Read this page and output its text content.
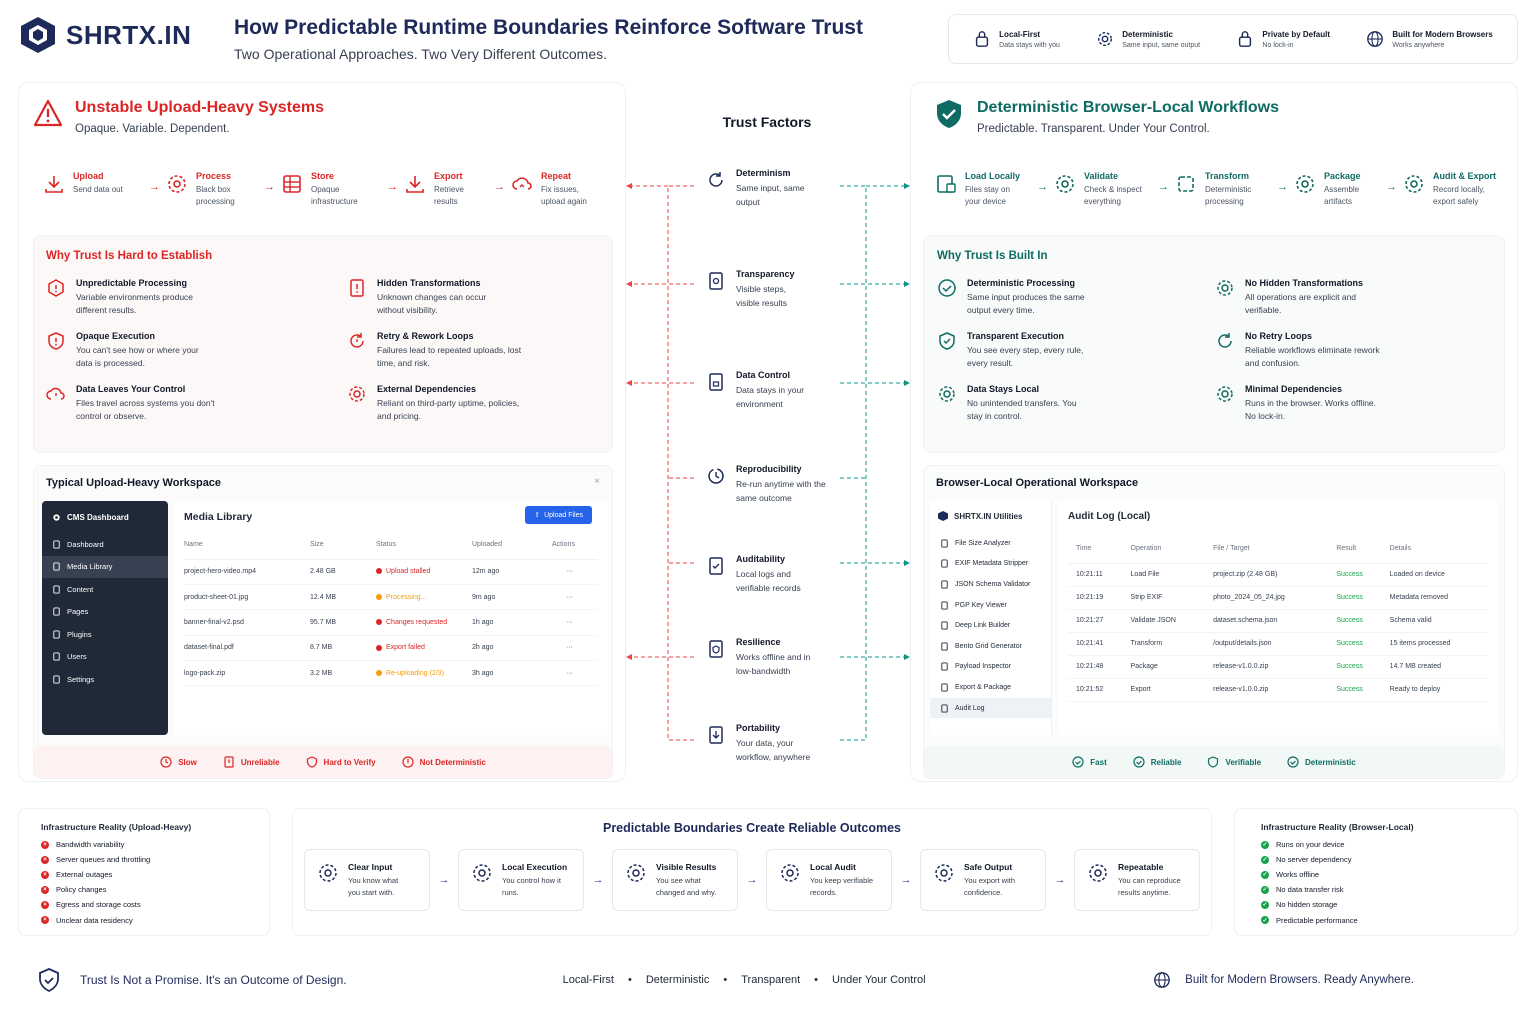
SHRTX.IN How Predictable Runtime Boundaries Reinforce Software Trust
Two Operational Approaches. Two Very Different Outcomes.
Local-First
Data stays with you
Deterministic
Same input, same output
Private by Default
No lock-in
Built for Modern Browsers
Works anywhere
Unstable Upload-Heavy Systems
Opaque. Variable. Dependent.
Upload
Send data out →
Process
Black box processing
→
Store
Opaque infrastructure
→
Export
Retrieve results
→
Repeat
Fix issues, upload again
Why Trust Is Hard to Establish
Unpredictable Processing
Variable environments produce different results.
Hidden Transformations
Unknown changes can occur without visibility.
Opaque Execution
You can't see how or where your data is processed.
Retry & Rework Loops
Failures lead to repeated uploads, lost time, and risk.
Data Leaves Your Control
Files travel across systems you don't control or observe.
External Dependencies
Reliant on third-party uptime, policies, and pricing.
Typical Upload-Heavy Workspace	×
CMS Dashboard
Dashboard
Media Library
Content
Pages
Plugins
Users
Settings
Media Library	⇪ Upload Files
Name	Size	Status	Uploaded	Actions
project-hero-video.mp4	2.48 GB	Upload stalled	12m ago	···
product-sheet-01.jpg	12.4 MB	Processing...	9m ago	···
banner-final-v2.psd	95.7 MB	Changes requested	1h ago	···
dataset-final.pdf	8.7 MB	Export failed	2h ago	···
logo-pack.zip	3.2 MB	Re-uploading (2/3)	3h ago	···
Slow	Unreliable	Hard to Verify	Not Deterministic
Trust Factors
Determinism
Same input, same output
Transparency
Visible steps, visible results
Data Control
Data stays in your environment
Reproducibility
Re-run anytime with the same outcome
Auditability
Local logs and verifiable records
Resilience
Works offline and in low-bandwidth
Portability
Your data, your workflow, anywhere
Deterministic Browser-Local Workflows
Predictable. Transparent. Under Your Control.
Load Locally
Files stay on your device
→
Validate
Check & inspect everything
→
Transform
Deterministic processing
→
Package
Assemble artifacts
→
Audit & Export
Record locally, export safely
Why Trust Is Built In
Deterministic Processing
Same input produces the same output every time.
No Hidden Transformations
All operations are explicit and verifiable.
Transparent Execution
You see every step, every rule, every result.
No Retry Loops
Reliable workflows eliminate rework and confusion.
Data Stays Local
No unintended transfers. You stay in control.
Minimal Dependencies
Runs in the browser. Works offline. No lock-in.
Browser-Local Operational Workspace
SHRTX.IN Utilities
File Size Analyzer
EXIF Metadata Stripper
JSON Schema Validator
PGP Key Viewer
Deep Link Builder
Bento Grid Generator
Payload Inspector
Export & Package
Audit Log
Audit Log (Local)
Time	Operation	File / Target	Result	Details
10:21:11	Load File	project.zip (2.48 GB)	Success	Loaded on device
10:21:19	Strip EXIF	photo_2024_05_24.jpg	Success	Metadata removed
10:21:27	Validate JSON	dataset.schema.json	Success	Schema valid
10:21:41	Transform	/output/details.json	Success	15 items processed
10:21:48	Package	release-v1.0.0.zip	Success	14.7 MB created
10:21:52	Export	release-v1.0.0.zip	Success	Ready to deploy
Fast	Reliable	Verifiable	Deterministic
Infrastructure Reality (Upload-Heavy)
×	Bandwidth variability
×	Server queues and throttling
×	External outages
×	Policy changes
×	Egress and storage costs
×	Unclear data residency
Predictable Boundaries Create Reliable Outcomes
Clear Input
You know what you start with.
→
Local Execution
You control how it runs.
→
Visible Results
You see what changed and why.
→
Local Audit
You keep verifiable records.
→
Safe Output
You export with confidence.
→
Repeatable
You can reproduce results anytime.
Infrastructure Reality (Browser-Local)
✓ Runs on your device
✓ No server dependency
✓ Works offline
✓ No data transfer risk
✓ No hidden storage
✓ Predictable performance
Trust Is Not a Promise. It's an Outcome of Design.	Local-First • Deterministic • Transparent • Under Your Control	Built for Modern Browsers. Ready Anywhere.
